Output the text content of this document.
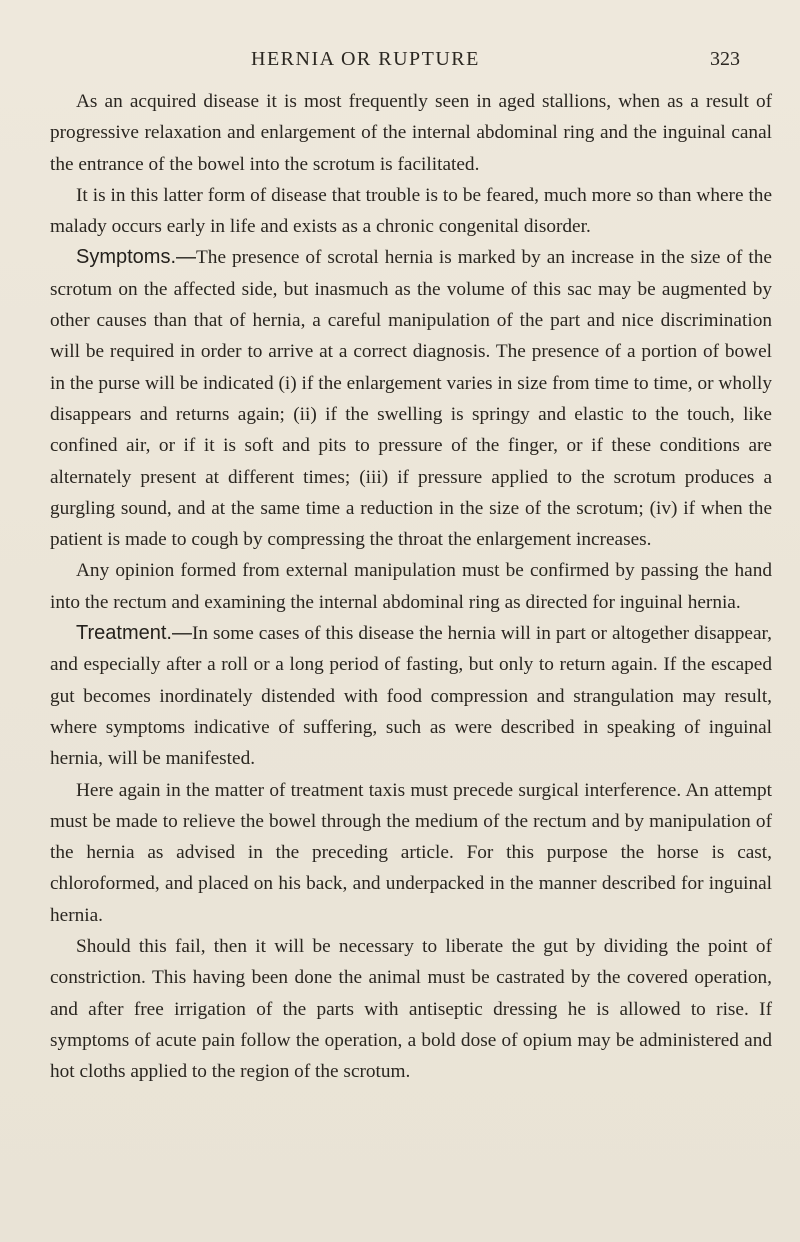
HERNIA OR RUPTURE	323

As an acquired disease it is most frequently seen in aged stallions, when as a result of progressive relaxation and enlargement of the internal abdominal ring and the inguinal canal the entrance of the bowel into the scrotum is facilitated.

It is in this latter form of disease that trouble is to be feared, much more so than where the malady occurs early in life and exists as a chronic congenital disorder.

Symptoms.—The presence of scrotal hernia is marked by an increase in the size of the scrotum on the affected side, but inasmuch as the volume of this sac may be augmented by other causes than that of hernia, a careful manipulation of the part and nice discrimination will be required in order to arrive at a correct diagnosis. The presence of a portion of bowel in the purse will be indicated (i) if the enlargement varies in size from time to time, or wholly disappears and returns again; (ii) if the swelling is springy and elastic to the touch, like confined air, or if it is soft and pits to pressure of the finger, or if these conditions are alternately present at different times; (iii) if pressure applied to the scrotum produces a gurgling sound, and at the same time a reduction in the size of the scrotum; (iv) if when the patient is made to cough by compressing the throat the enlargement increases.

Any opinion formed from external manipulation must be confirmed by passing the hand into the rectum and examining the internal abdominal ring as directed for inguinal hernia.

Treatment.—In some cases of this disease the hernia will in part or altogether disappear, and especially after a roll or a long period of fasting, but only to return again. If the escaped gut becomes inordinately distended with food compression and strangulation may result, where symptoms indicative of suffering, such as were described in speaking of inguinal hernia, will be manifested.

Here again in the matter of treatment taxis must precede surgical interference. An attempt must be made to relieve the bowel through the medium of the rectum and by manipulation of the hernia as advised in the preceding article. For this purpose the horse is cast, chloroformed, and placed on his back, and underpacked in the manner described for inguinal hernia.

Should this fail, then it will be necessary to liberate the gut by dividing the point of constriction. This having been done the animal must be castrated by the covered operation, and after free irrigation of the parts with antiseptic dressing he is allowed to rise. If symptoms of acute pain follow the operation, a bold dose of opium may be administered and hot cloths applied to the region of the scrotum.
